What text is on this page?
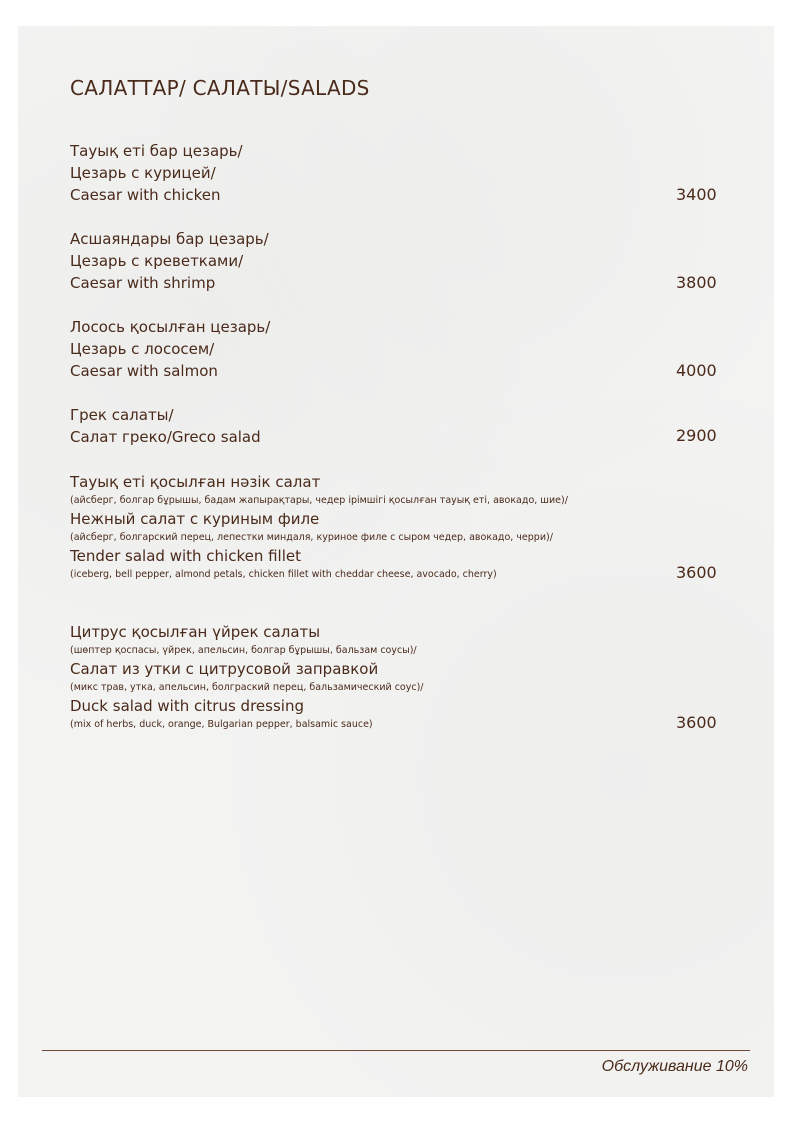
САЛАТТАР/ САЛАТЫ/SALADS
Тауық еті бар цезарь/
Цезарь с курицей/
Caesar with chicken	3400
Асшаяндары бар цезарь/
Цезарь с креветками/
Caesar with shrimp	3800
Лосось қосылған цезарь/
Цезарь с лососем/
Caesar with salmon	4000
Грек салаты/
Салат греко/Greco salad	2900
Тауық еті қосылған нәзік салат
(айсберг, болгар бұрышы, бадам жапырақтары, чедер ірімшігі қосылған тауық еті, авокадо, шие)/
Нежный салат с куриным филе
(айсберг, болгарский перец, лепестки миндаля, куриное филе с сыром чедер, авокадо, черри)/
Tender salad with chicken fillet
(iceberg, bell pepper, almond petals, chicken fillet with cheddar cheese, avocado, cherry)	3600
Цитрус қосылған үйрек салаты
(шөптер қоспасы, үйрек, апельсин, болгар бұрышы, бальзам соусы)/
Салат из утки с цитрусовой заправкой
(микс трав, утка, апельсин, болграский перец, бальзамический соус)/
Duck salad with citrus dressing
(mix of herbs, duck, orange, Bulgarian pepper, balsamic sauce)	3600
Обслуживание 10%
